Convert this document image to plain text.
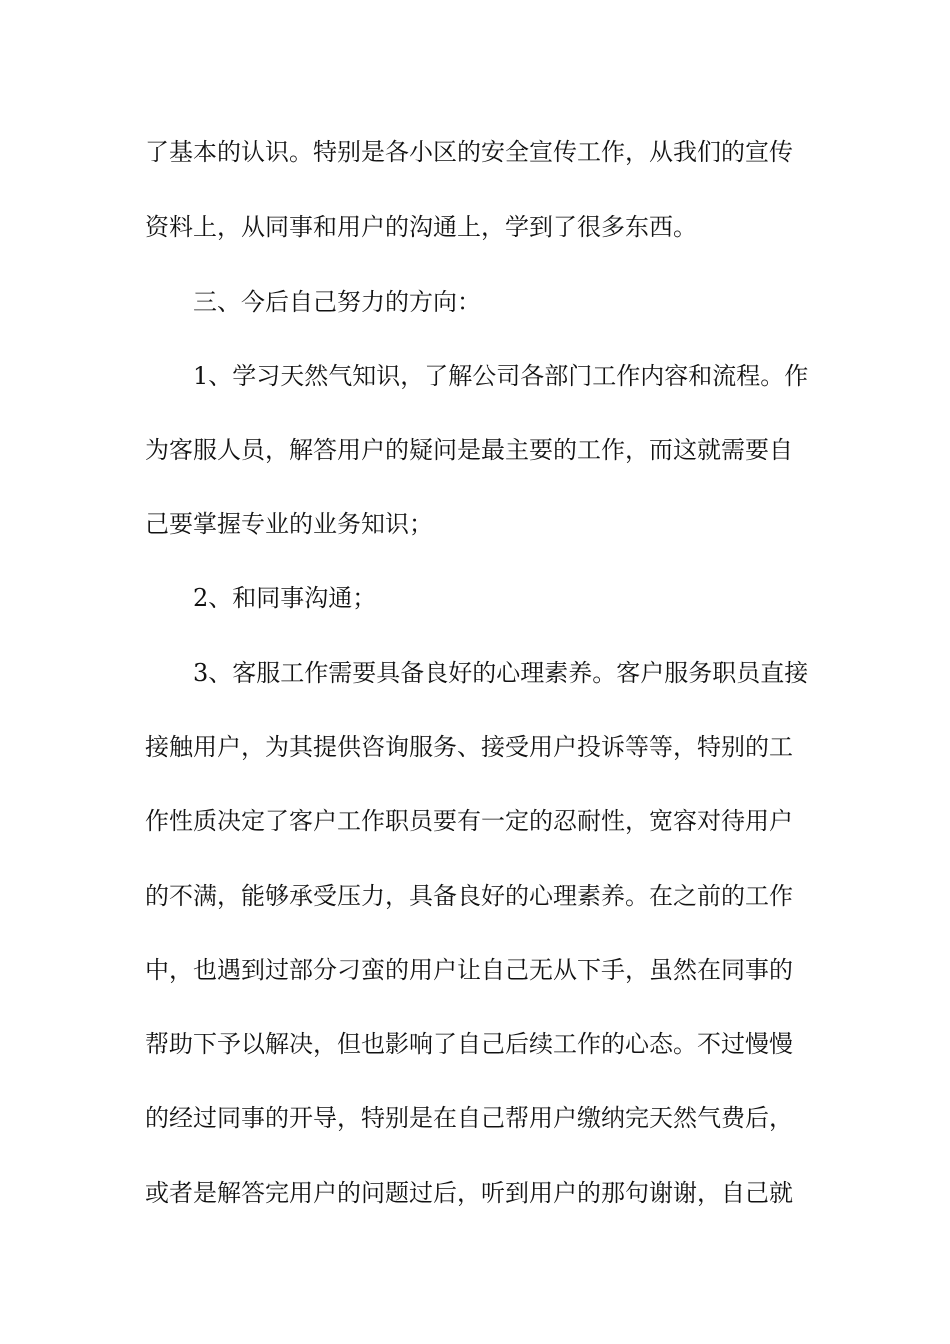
了基本的认识。特别是各小区的安全宣传工作，从我们的宣传
资料上，从同事和用户的沟通上，学到了很多东西。
三、今后自己努力的方向：
1、学习天然气知识，了解公司各部门工作内容和流程。作
为客服人员，解答用户的疑问是最主要的工作，而这就需要自
己要掌握专业的业务知识；
2、和同事沟通；
3、客服工作需要具备良好的心理素养。客户服务职员直接
接触用户，为其提供咨询服务、接受用户投诉等等，特别的工
作性质决定了客户工作职员要有一定的忍耐性，宽容对待用户
的不满，能够承受压力，具备良好的心理素养。在之前的工作
中，也遇到过部分刁蛮的用户让自己无从下手，虽然在同事的
帮助下予以解决，但也影响了自己后续工作的心态。不过慢慢
的经过同事的开导，特别是在自己帮用户缴纳完天然气费后，
或者是解答完用户的问题过后，听到用户的那句谢谢，自己就
